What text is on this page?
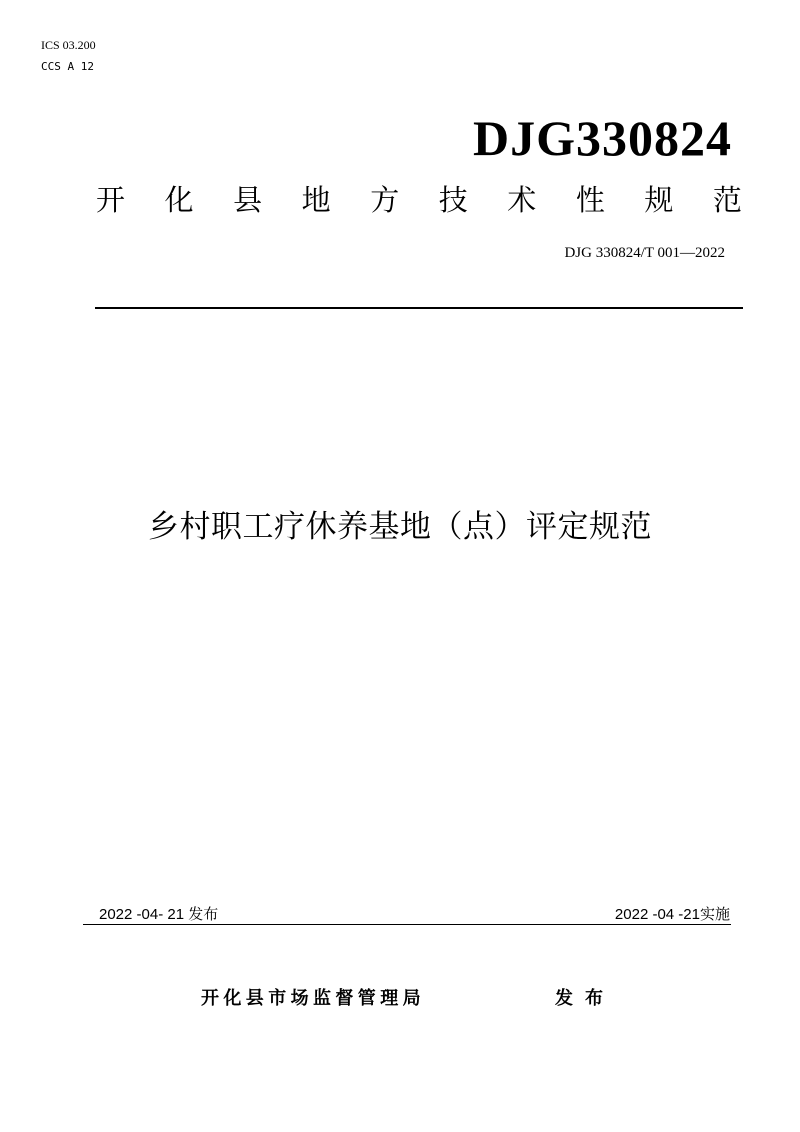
ICS 03.200
CCS A 12
DJG330824
开 化 县 地 方 技 术 性 规 范
DJG 330824/T 001—2022
乡村职工疗休养基地（点）评定规范
2022 -04- 21 发布	2022 -04 -21实施
开化县市场监督管理局	发布
